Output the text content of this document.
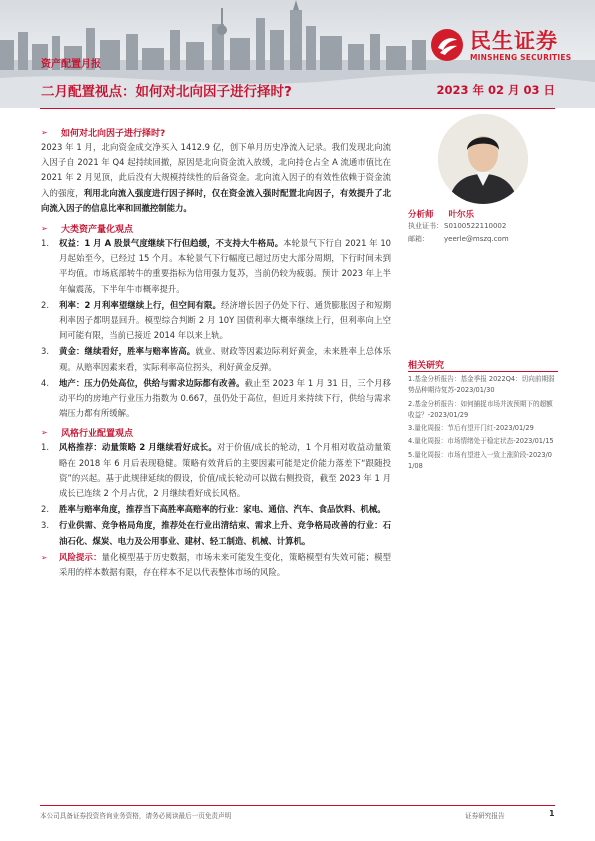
民生证券
MINSHENG SECURITIES
资产配置月报
二月配置视点：如何对北向因子进行择时?	2023 年 02 月 03 日
➢	如何对北向因子进行择时?

2023 年 1 月，北向资金成交净买入 1412.9 亿，创下单月历史净流入记录。我们发现北向流入因子自 2021 年 Q4 起持续回撤，原因是北向资金流入放缓，北向持仓占全 A 流通市值比在 2021 年 2 月见顶，此后没有大规模持续性的后备资金。北向流入因子的有效性依赖于资金流入的强度，利用北向流入强度进行因子择时，仅在资金流入强时配置北向因子，有效提升了北向流入因子的信息比率和回撤控制能力。

➢	大类资产量化观点
1.	权益：1 月 A 股景气度继续下行但趋缓，不支持大牛格局。本轮景气下行自 2021 年 10 月起始至今，已经过 15 个月。本轮景气下行幅度已超过历史大部分周期，下行时间未到平均值。市场底部转牛的重要指标为信用强力复苏，当前仍较为疲弱。预计 2023 年上半年偏震荡，下半年牛市概率提升。
2.	利率：2 月利率望继续上行，但空间有限。经济增长因子仍处下行、通货膨胀因子和短期利率因子都明显回升。模型综合判断 2 月 10Y 国债利率大概率继续上行，但利率向上空间可能有限，当前已接近 2014 年以来上轨。
3.	黄金：继续看好，胜率与赔率皆高。就业、财政等因素边际利好黄金，未来胜率上总体乐观。从赔率因素来看，实际利率高位拐头，利好黄金反弹。
4.	地产：压力仍处高位，供给与需求边际都有改善。截止至 2023 年 1 月 31 日，三个月移动平均的房地产行业压力指数为 0.667，虽仍处于高位，但近月来持续下行，供给与需求端压力都有所缓解。
➢	风格行业配置观点
1.	风格推荐：动量策略 2 月继续看好成长。对于价值/成长的轮动，1 个月相对收益动量策略在 2018 年 6 月后表现稳健。策略有效背后的主要因素可能是定价能力落差下“跟随投资”的兴起。基于此规律延续的假设，价值/成长轮动可以做右侧投资，截至 2023 年 1 月成长已连续 2 个月占优，2 月继续看好成长风格。
2.	胜率与赔率角度，推荐当下高胜率高赔率的行业：家电、通信、汽车、食品饮料、机械。
3.	行业供需、竞争格局角度，推荐处在行业出清结束、需求上升、竞争格局改善的行业：石油石化、煤炭、电力及公用事业、建材、轻工制造、机械、计算机。
➢	风险提示：量化模型基于历史数据，市场未来可能发生变化，策略模型有失效可能；模型采用的样本数据有限，存在样本不足以代表整体市场的风险。
分析师 叶尔乐
执业证书：S0100522110002
邮箱： yeerle@mszq.com
相关研究

1.基金分析报告：基金季报 2022Q4：切向前期弱势品种期待复苏-2023/01/30

2.基金分析报告：如何捕捉市场并波预期下的超额收益？-2023/01/29

3.量化周报：节后有望开门红-2023/01/29

4.量化周报：市场情绪处于稳定状态-2023/01/15

5.量化周报：市场有望进入一致上涨阶段-2023/01/08

本公司具备证券投资咨询业务资格，请务必阅读最后一页免责声明	证券研究报告	1
